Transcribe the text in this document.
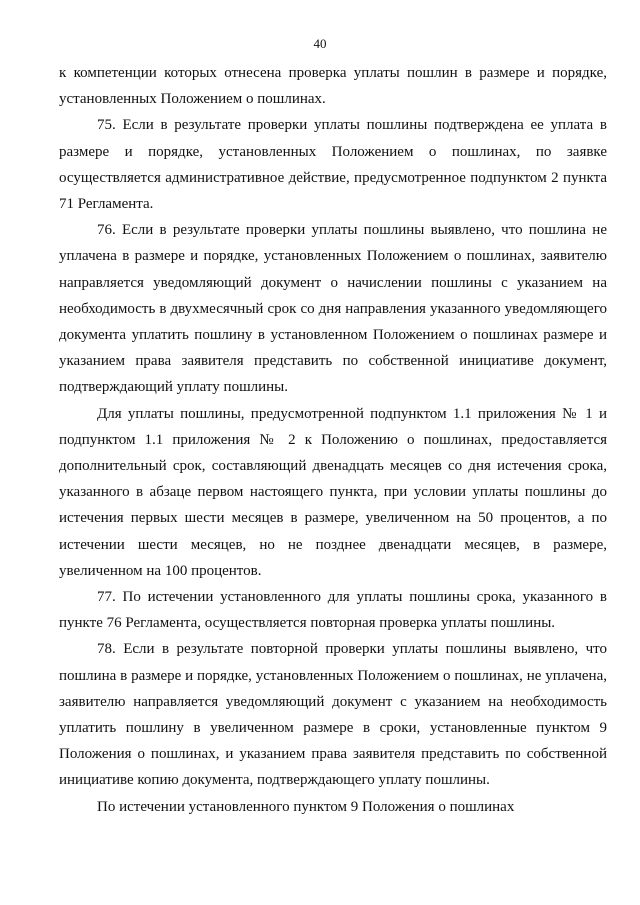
40

к компетенции которых отнесена проверка уплаты пошлин в размере и порядке, установленных Положением о пошлинах.

75. Если в результате проверки уплаты пошлины подтверждена ее уплата в размере и порядке, установленных Положением о пошлинах, по заявке осуществляется административное действие, предусмотренное подпунктом 2 пункта 71 Регламента.

76. Если в результате проверки уплаты пошлины выявлено, что пошлина не уплачена в размере и порядке, установленных Положением о пошлинах, заявителю направляется уведомляющий документ о начислении пошлины с указанием на необходимость в двухмесячный срок со дня направления указанного уведомляющего документа уплатить пошлину в установленном Положением о пошлинах размере и указанием права заявителя представить по собственной инициативе документ, подтверждающий уплату пошлины.

Для уплаты пошлины, предусмотренной подпунктом 1.1 приложения № 1 и подпунктом 1.1 приложения № 2 к Положению о пошлинах, предоставляется дополнительный срок, составляющий двенадцать месяцев со дня истечения срока, указанного в абзаце первом настоящего пункта, при условии уплаты пошлины до истечения первых шести месяцев в размере, увеличенном на 50 процентов, а по истечении шести месяцев, но не позднее двенадцати месяцев, в размере, увеличенном на 100 процентов.

77. По истечении установленного для уплаты пошлины срока, указанного в пункте 76 Регламента, осуществляется повторная проверка уплаты пошлины.

78. Если в результате повторной проверки уплаты пошлины выявлено, что пошлина в размере и порядке, установленных Положением о пошлинах, не уплачена, заявителю направляется уведомляющий документ с указанием на необходимость уплатить пошлину в увеличенном размере в сроки, установленные пунктом 9 Положения о пошлинах, и указанием права заявителя представить по собственной инициативе копию документа, подтверждающего уплату пошлины.

По истечении установленного пунктом 9 Положения о пошлинах
